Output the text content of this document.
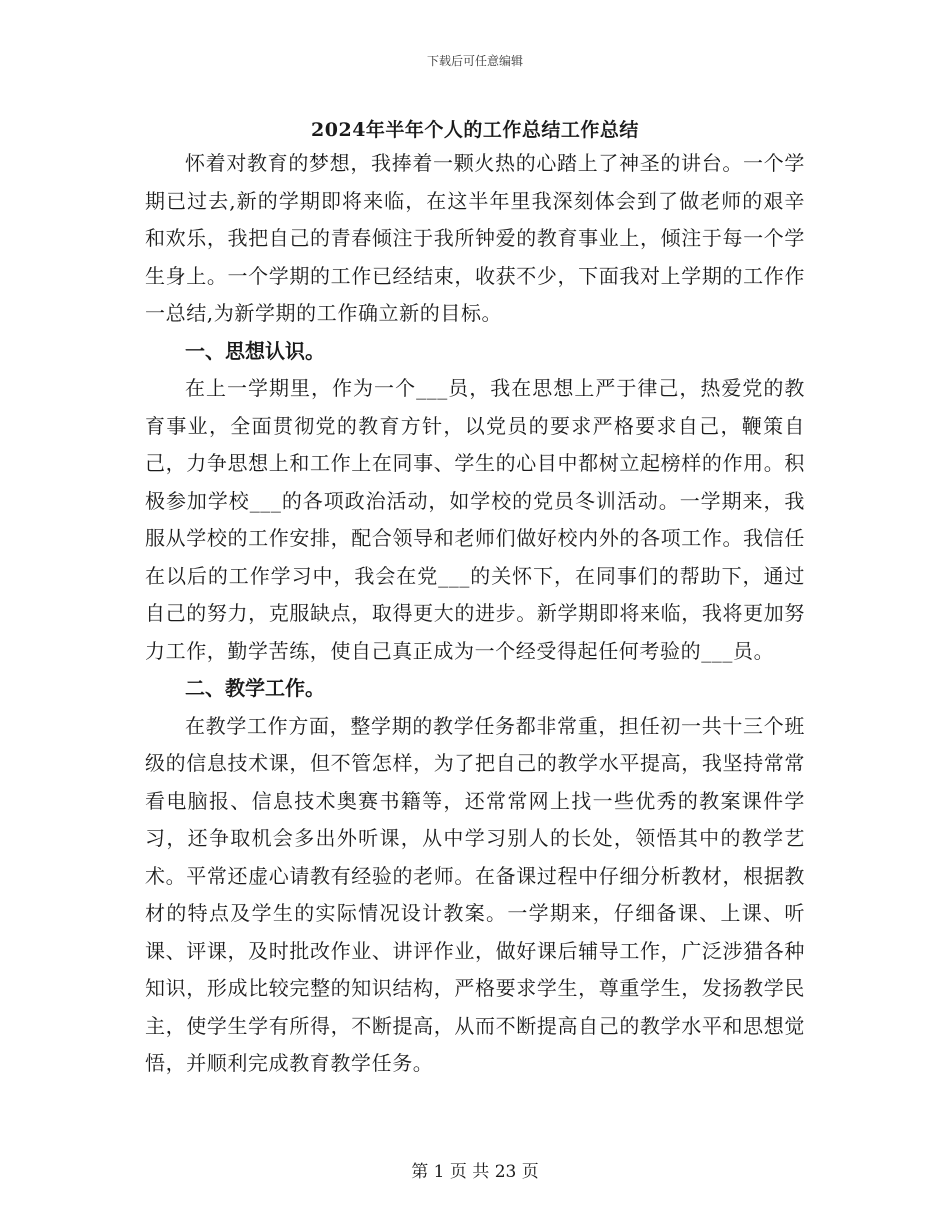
下载后可任意编辑
2024年半年个人的工作总结工作总结

怀着对教育的梦想，我捧着一颗火热的心踏上了神圣的讲台。一个学期已过去,新的学期即将来临，在这半年里我深刻体会到了做老师的艰辛和欢乐，我把自己的青春倾注于我所钟爱的教育事业上，倾注于每一个学生身上。一个学期的工作已经结束，收获不少，下面我对上学期的工作作一总结,为新学期的工作确立新的目标。

一、思想认识。

在上一学期里，作为一个___员，我在思想上严于律己，热爱党的教育事业，全面贯彻党的教育方针，以党员的要求严格要求自己，鞭策自己，力争思想上和工作上在同事、学生的心目中都树立起榜样的作用。积极参加学校___的各项政治活动，如学校的党员冬训活动。一学期来，我服从学校的工作安排，配合领导和老师们做好校内外的各项工作。我信任在以后的工作学习中，我会在党___的关怀下，在同事们的帮助下，通过自己的努力，克服缺点，取得更大的进步。新学期即将来临，我将更加努力工作，勤学苦练，使自己真正成为一个经受得起任何考验的___员。

二、教学工作。

在教学工作方面，整学期的教学任务都非常重，担任初一共十三个班级的信息技术课，但不管怎样，为了把自己的教学水平提高，我坚持常常看电脑报、信息技术奥赛书籍等，还常常网上找一些优秀的教案课件学习，还争取机会多出外听课，从中学习别人的长处，领悟其中的教学艺术。平常还虚心请教有经验的老师。在备课过程中仔细分析教材，根据教材的特点及学生的实际情况设计教案。一学期来，仔细备课、上课、听课、评课，及时批改作业、讲评作业，做好课后辅导工作，广泛涉猎各种知识，形成比较完整的知识结构，严格要求学生，尊重学生，发扬教学民主，使学生学有所得，不断提高，从而不断提高自己的教学水平和思想觉悟，并顺利完成教育教学任务。

第 1 页 共 23 页
